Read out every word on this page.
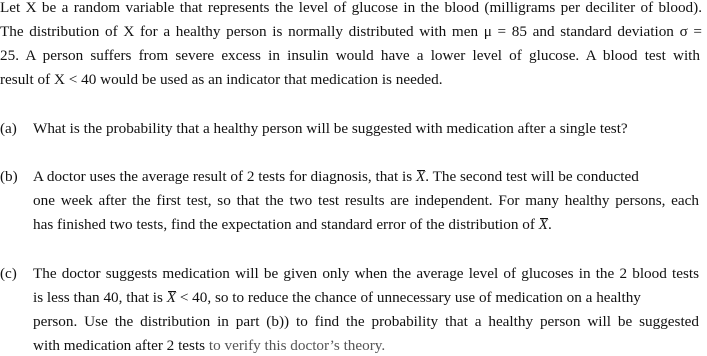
Let X be a random variable that represents the level of glucose in the blood (milligrams per deciliter of blood).
The distribution of X for a healthy person is normally distributed with men μ = 85 and standard deviation σ =
25. A person suffers from severe excess in insulin would have a lower level of glucose. A blood test with
result of X < 40 would be used as an indicator that medication is needed.
(a) What is the probability that a healthy person will be suggested with medication after a single test?
(b) A doctor uses the average result of 2 tests for diagnosis, that is X. The second test will be conducted
one week after the first test, so that the two test results are independent. For many healthy persons, each
has finished two tests, find the expectation and standard error of the distribution of X.
(c) The doctor suggests medication will be given only when the average level of glucoses in the 2 blood tests
is less than 40, that is X < 40, so to reduce the chance of unnecessary use of medication on a healthy
person. Use the distribution in part (b)) to find the probability that a healthy person will be suggested
with medication after 2 tests to verify this doctor’s theory.
